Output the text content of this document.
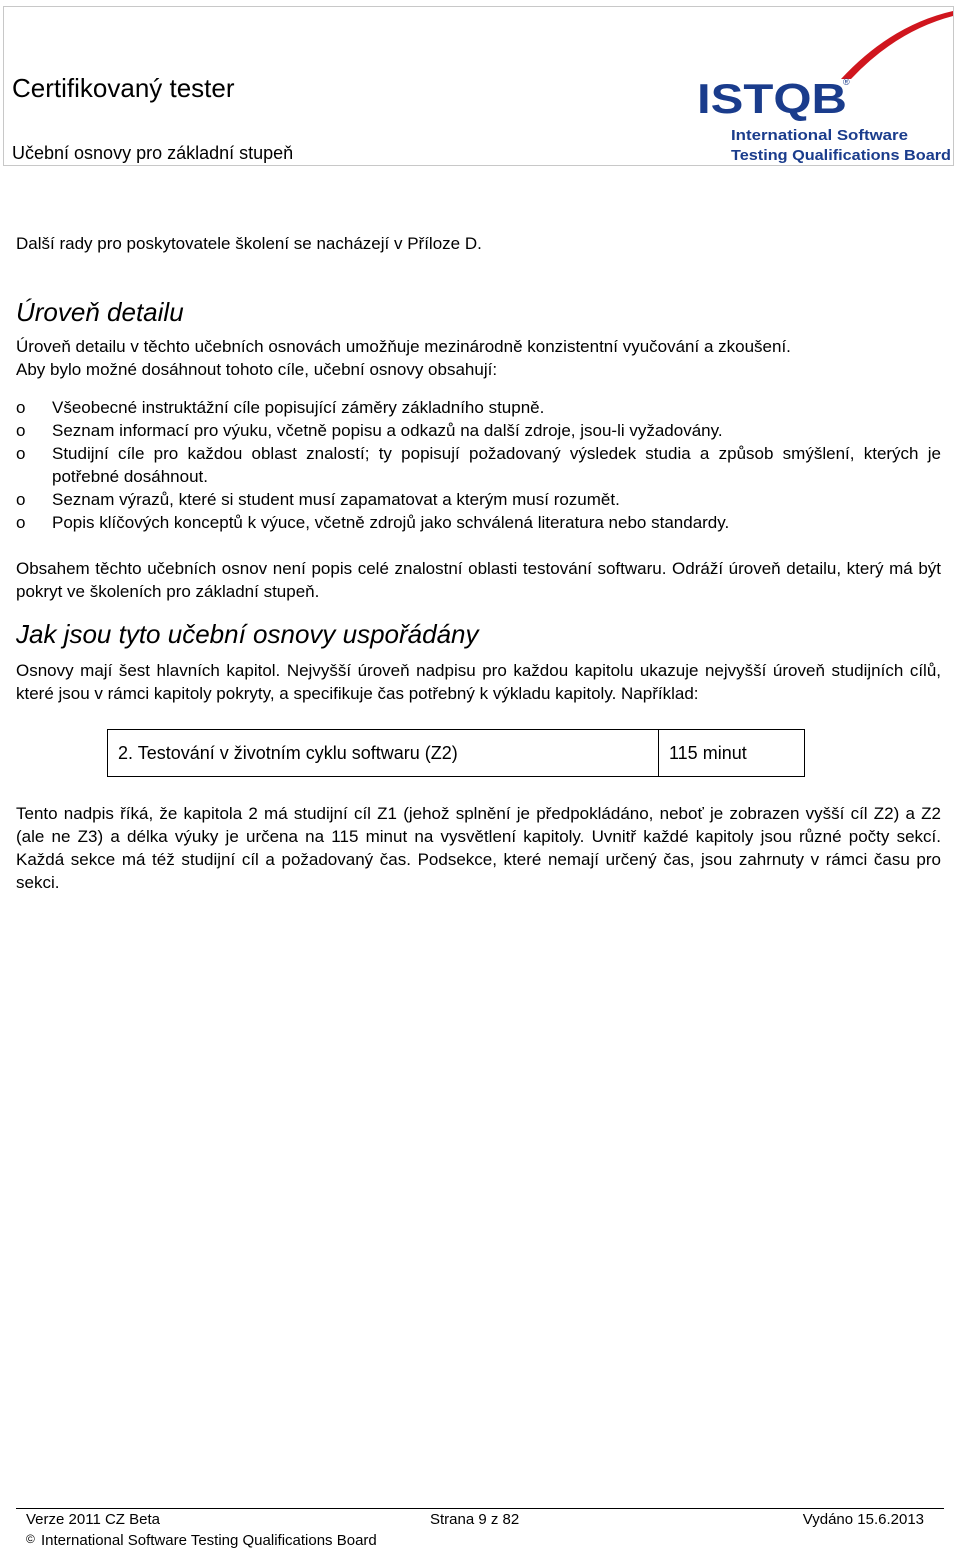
Certifikovaný tester
Učební osnovy pro základní stupeň
ISTQB
®
International Software
Testing Qualifications Board

Další rady pro poskytovatele školení se nacházejí v Příloze D.

Úroveň detailu

Úroveň detailu v těchto učebních osnovách umožňuje mezinárodně konzistentní vyučování a zkoušení.

Aby bylo možné dosáhnout tohoto cíle, učební osnovy obsahují:

o Všeobecné instruktážní cíle popisující záměry základního stupně.
o Seznam informací pro výuku, včetně popisu a odkazů na další zdroje, jsou-li vyžadovány.
o Studijní cíle pro každou oblast znalostí; ty popisují požadovaný výsledek studia a způsob smýšlení, kterých je potřebné dosáhnout.
o Seznam výrazů, které si student musí zapamatovat a kterým musí rozumět.
o Popis klíčových konceptů k výuce, včetně zdrojů jako schválená literatura nebo standardy.

Obsahem těchto učebních osnov není popis celé znalostní oblasti testování softwaru. Odráží úroveň detailu, který má být pokryt ve školeních pro základní stupeň.

Jak jsou tyto učební osnovy uspořádány

Osnovy mají šest hlavních kapitol. Nejvyšší úroveň nadpisu pro každou kapitolu ukazuje nejvyšší úroveň studijních cílů, které jsou v rámci kapitoly pokryty, a specifikuje čas potřebný k výkladu kapitoly. Například:

2. Testování v životním cyklu softwaru (Z2)	115 minut

Tento nadpis říká, že kapitola 2 má studijní cíl Z1 (jehož splnění je předpokládáno, neboť je zobrazen vyšší cíl Z2) a Z2 (ale ne Z3) a délka výuky je určena na 115 minut na vysvětlení kapitoly. Uvnitř každé kapitoly jsou různé počty sekcí. Každá sekce má též studijní cíl a požadovaný čas. Podsekce, které nemají určený čas, jsou zahrnuty v rámci času pro sekci.

Verze 2011 CZ Beta	Strana 9 z 82	Vydáno 15.6.2013
© International Software Testing Qualifications Board
